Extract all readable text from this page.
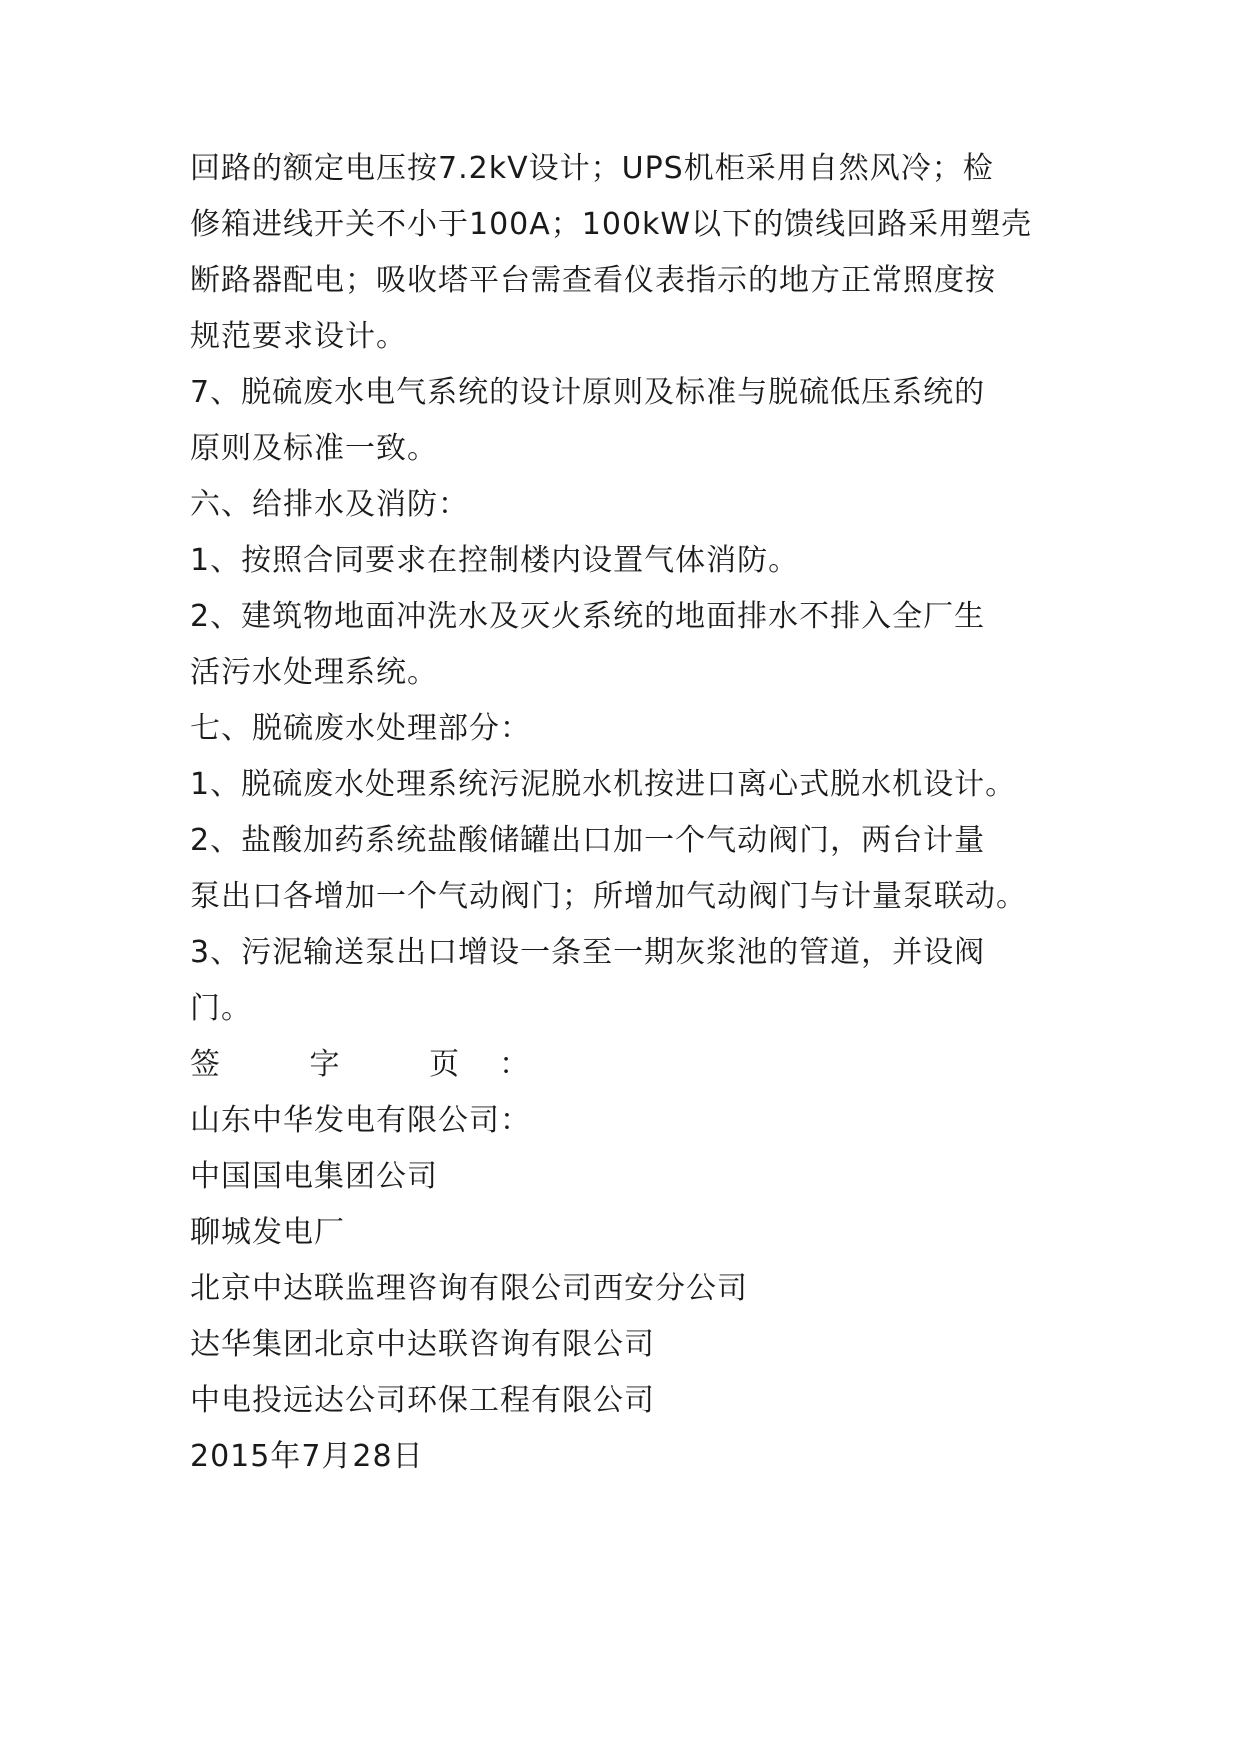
回路的额定电压按7.2kV设计；UPS机柜采用自然风冷；检
修箱进线开关不小于100A；100kW以下的馈线回路采用塑壳
断路器配电；吸收塔平台需查看仪表指示的地方正常照度按
规范要求设计。
7、脱硫废水电气系统的设计原则及标准与脱硫低压系统的
原则及标准一致。
六、给排水及消防：
1、按照合同要求在控制楼内设置气体消防。
2、建筑物地面冲洗水及灭火系统的地面排水不排入全厂生
活污水处理系统。
七、脱硫废水处理部分：
1、脱硫废水处理系统污泥脱水机按进口离心式脱水机设计。
2、盐酸加药系统盐酸储罐出口加一个气动阀门，两台计量
泵出口各增加一个气动阀门；所增加气动阀门与计量泵联动。
3、污泥输送泵出口增设一条至一期灰浆池的管道，并设阀
门。
签 字 页：
山东中华发电有限公司：
中国国电集团公司
聊城发电厂
北京中达联监理咨询有限公司西安分公司
达华集团北京中达联咨询有限公司
中电投远达公司环保工程有限公司
2015年7月28日
